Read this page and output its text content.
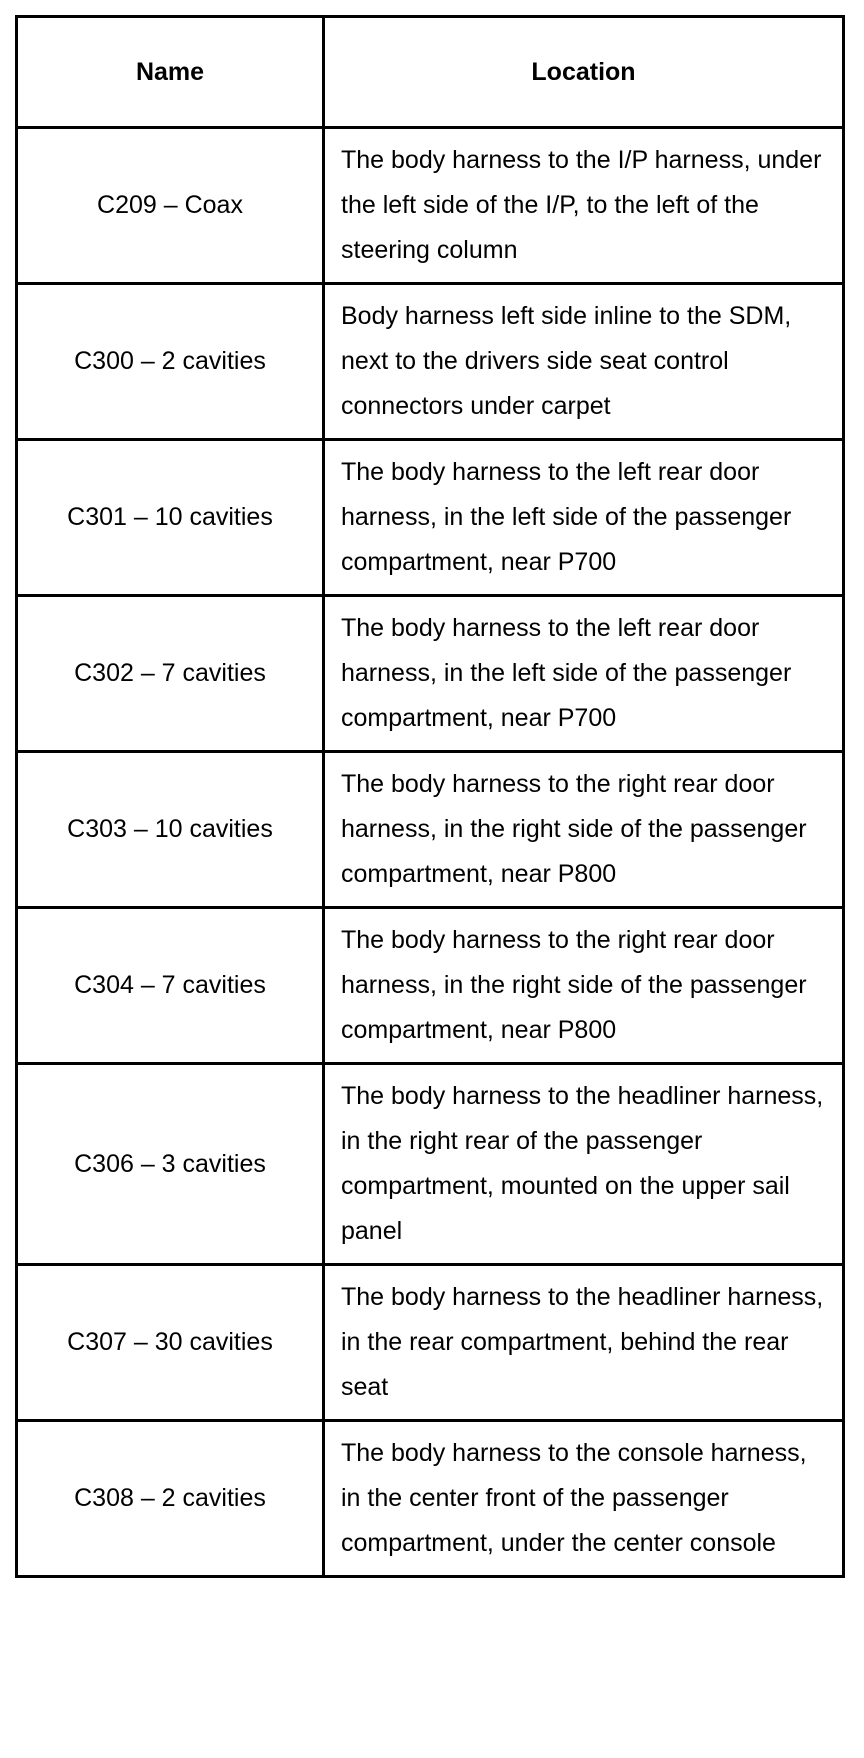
Name	Location
C209 – Coax	The body harness to the I/P harness, under the left side of the I/P, to the left of the steering column
C300 – 2 cavities	Body harness left side inline to the SDM, next to the drivers side seat control connectors under carpet
C301 – 10 cavities	The body harness to the left rear door harness, in the left side of the passenger compartment, near P700
C302 – 7 cavities	The body harness to the left rear door harness, in the left side of the passenger compartment, near P700
C303 – 10 cavities	The body harness to the right rear door harness, in the right side of the passenger compartment, near P800
C304 – 7 cavities	The body harness to the right rear door harness, in the right side of the passenger compartment, near P800
C306 – 3 cavities	The body harness to the headliner harness, in the right rear of the passenger compartment, mounted on the upper sail panel
C307 – 30 cavities	The body harness to the headliner harness, in the rear compartment, behind the rear seat
C308 – 2 cavities	The body harness to the console harness, in the center front of the passenger compartment, under the center console
